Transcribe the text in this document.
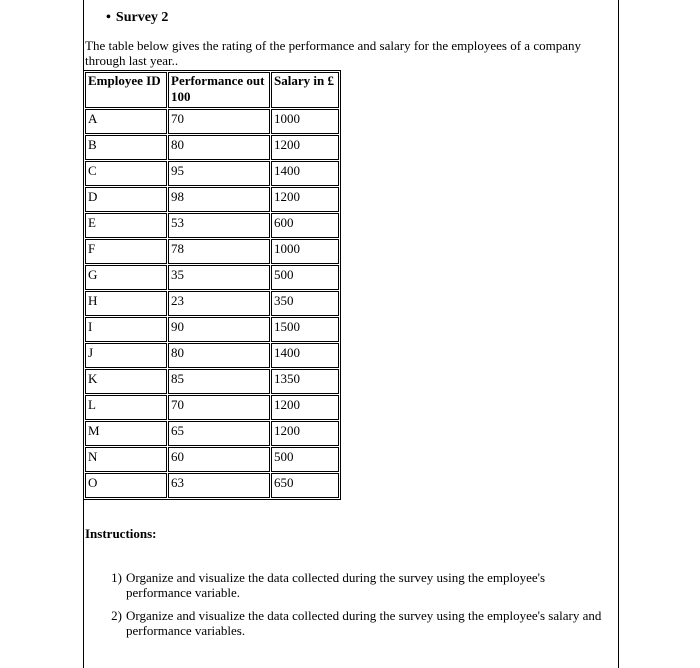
• Survey 2
The table below gives the rating of the performance and salary for the employees of a company through last year..
Employee ID	Performance out 100	Salary in £
A	70	1000
B	80	1200
C	95	1400
D	98	1200
E	53	600
F	78	1000
G	35	500
H	23	350
I	90	1500
J	80	1400
K	85	1350
L	70	1200
M	65	1200
N	60	500
O	63	650
Instructions:
1) Organize and visualize the data collected during the survey using the employee's performance variable.
2) Organize and visualize the data collected during the survey using the employee's salary and performance variables.
